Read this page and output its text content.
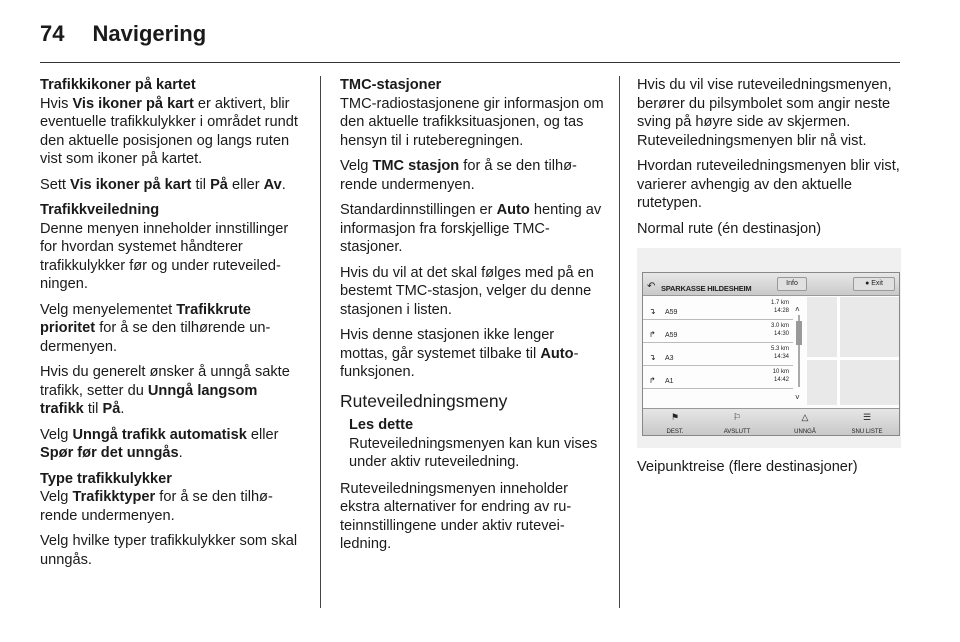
74 Navigering
Trafikkikoner på kartet

Hvis Vis ikoner på kart er aktivert, blir eventuelle trafikkulykker i området rundt den aktuelle posisjonen og langs ruten vist som ikoner på kartet.

Sett Vis ikoner på kart til På eller Av.

Trafikkveiledning

Denne menyen inneholder innstillinger for hvordan systemet håndterer trafikkulykker før og under ruteveiledningen.

Velg menyelementet Trafikkrute prioritet for å se den tilhørende undermenyen.

Hvis du generelt ønsker å unngå sakte trafikk, setter du Unngå langsom trafikk til På.

Velg Unngå trafikk automatisk eller Spør før det unngås.

Type trafikkulykker

Velg Trafikktyper for å se den tilhørende undermenyen.

Velg hvilke typer trafikkulykker som skal unngås.

TMC-stasjoner

TMC-radiostasjonene gir informasjon om den aktuelle trafikksituasjonen, og tas hensyn til i ruteberegningen.

Velg TMC stasjon for å se den tilhørende undermenyen.

Standardinnstillingen er Auto henting av informasjon fra forskjellige TMC-stasjoner.

Hvis du vil at det skal følges med på en bestemt TMC-stasjon, velger du denne stasjonen i listen.

Hvis denne stasjonen ikke lenger mottas, går systemet tilbake til Auto-funksjonen.

Ruteveiledningsmeny
Les dette
Ruteveiledningsmenyen kan kun vises under aktiv ruteveiledning.

Ruteveiledningsmenyen inneholder ekstra alternativer for endring av ruteinnstillingene under aktiv ruteveiledning.

Hvis du vil vise ruteveiledningsmenyen, berører du pilsymbolet som angir neste sving på høyre side av skjermen. Ruteveiledningsmenyen blir nå vist.

Hvordan ruteveiledningsmenyen blir vist, varierer avhengig av den aktuelle rutetypen.

Normal rute (én destinasjon)

↶ SPARKASSE HILDESHEIM
Info	● Exit
↴ A59
1.7 km
14:28
↱ A59
3.0 km
14:30
↴ A3
5.3 km
14:34
↱ A1
10 km
14:42
˄
˅
⚑
DEST.
⚐
AVSLUTT
△
UNNGÅ
☰
SNU LISTE

Veipunktreise (flere destinasjoner)
